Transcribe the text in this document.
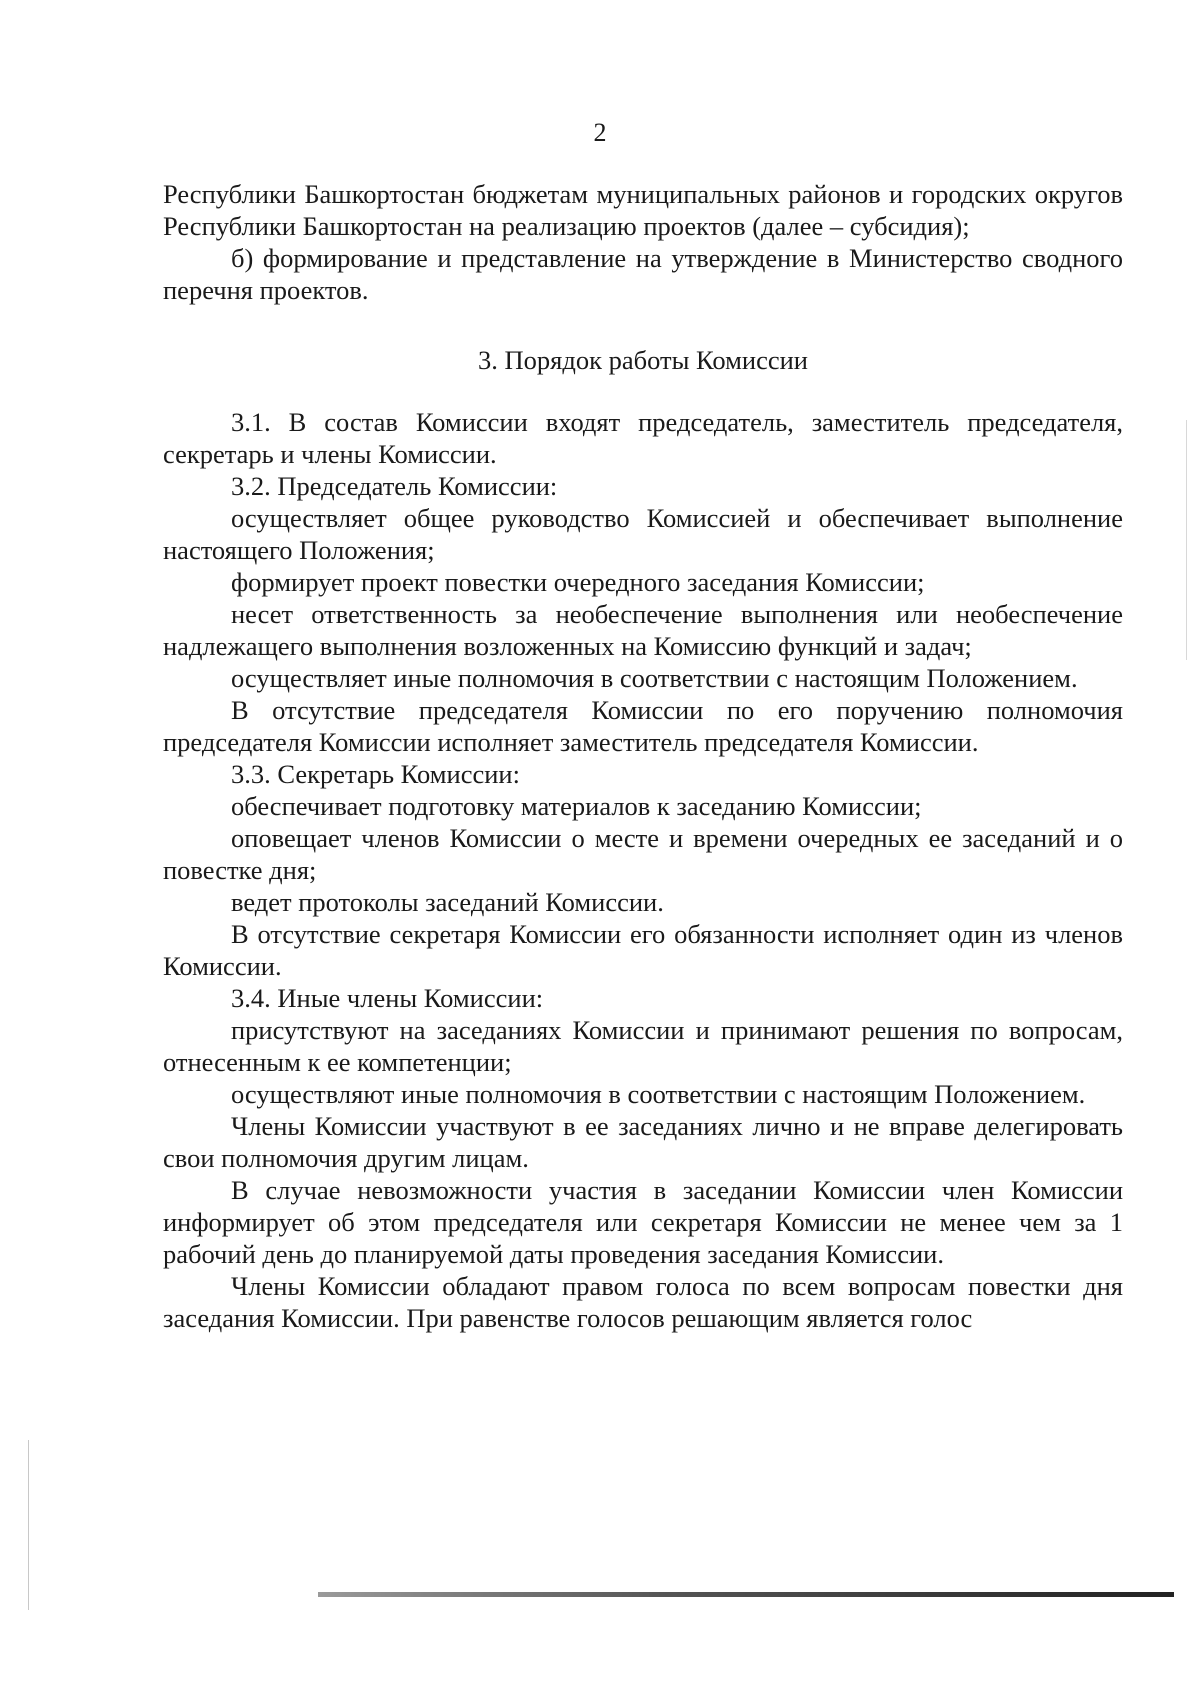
2

Республики Башкортостан бюджетам муниципальных районов и городских округов Республики Башкортостан на реализацию проектов (далее – субсидия);

б) формирование и представление на утверждение в Министерство сводного перечня проектов.

3. Порядок работы Комиссии

3.1. В состав Комиссии входят председатель, заместитель председателя, секретарь и члены Комиссии.

3.2. Председатель Комиссии:

осуществляет общее руководство Комиссией и обеспечивает выполнение настоящего Положения;

формирует проект повестки очередного заседания Комиссии;

несет ответственность за необеспечение выполнения или необеспечение надлежащего выполнения возложенных на Комиссию функций и задач;

осуществляет иные полномочия в соответствии с настоящим Положением.

В отсутствие председателя Комиссии по его поручению полномочия председателя Комиссии исполняет заместитель председателя Комиссии.

3.3. Секретарь Комиссии:

обеспечивает подготовку материалов к заседанию Комиссии;

оповещает членов Комиссии о месте и времени очередных ее заседаний и о повестке дня;

ведет протоколы заседаний Комиссии.

В отсутствие секретаря Комиссии его обязанности исполняет один из членов Комиссии.

3.4. Иные члены Комиссии:

присутствуют на заседаниях Комиссии и принимают решения по вопросам, отнесенным к ее компетенции;

осуществляют иные полномочия в соответствии с настоящим Положением.

Члены Комиссии участвуют в ее заседаниях лично и не вправе делегировать свои полномочия другим лицам.

В случае невозможности участия в заседании Комиссии член Комиссии информирует об этом председателя или секретаря Комиссии не менее чем за 1 рабочий день до планируемой даты проведения заседания Комиссии.

Члены Комиссии обладают правом голоса по всем вопросам повестки дня заседания Комиссии. При равенстве голосов решающим является голос
